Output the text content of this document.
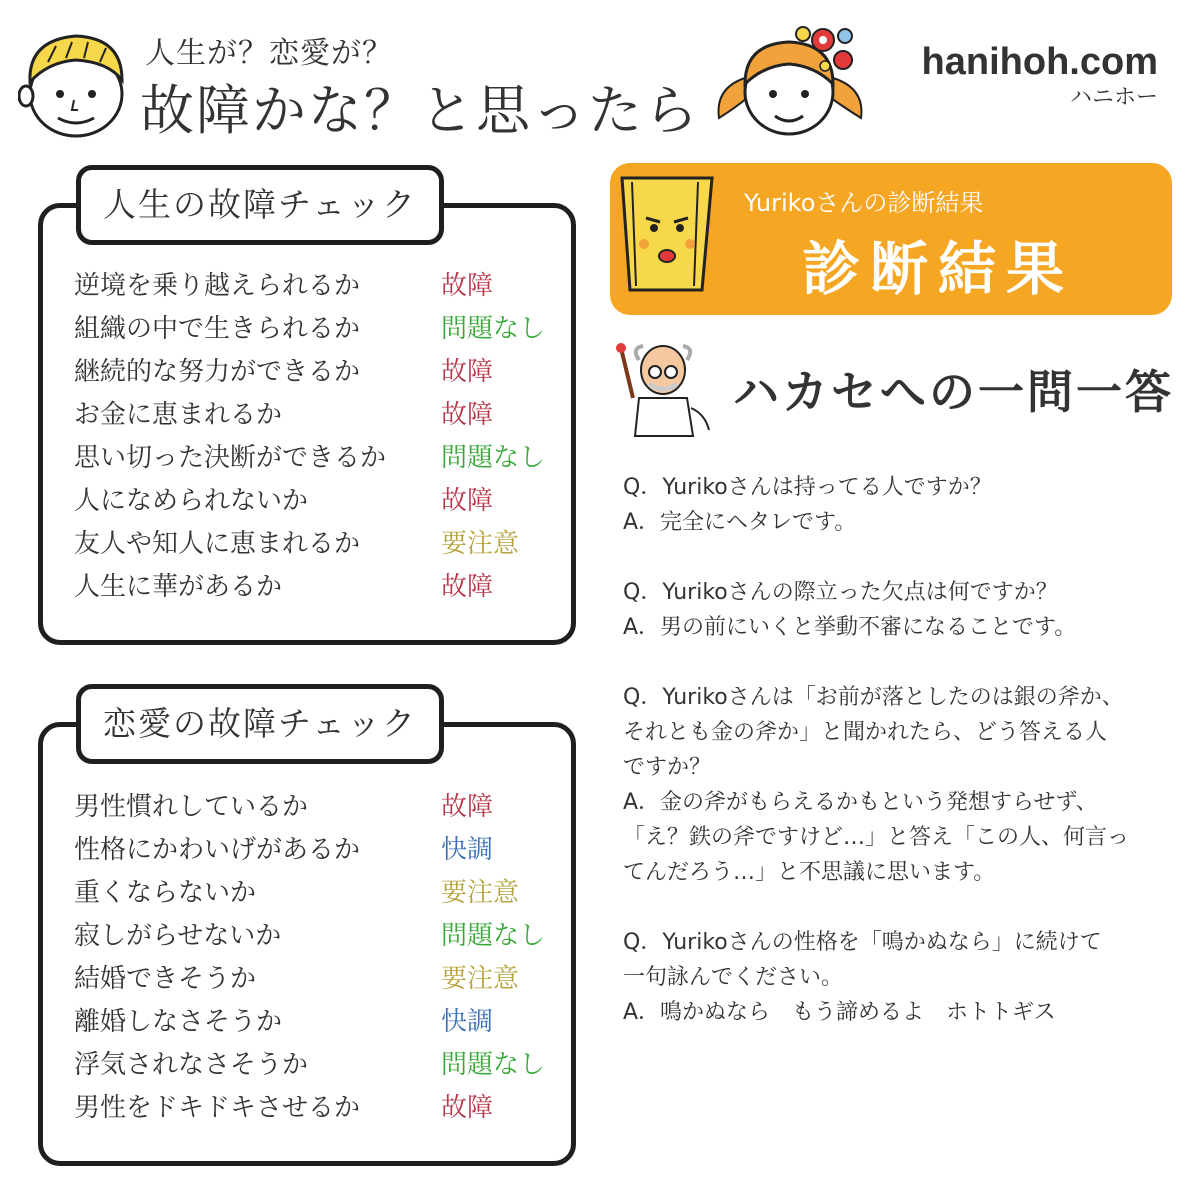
人生が？恋愛が？
故障かな？と思ったら
hanihoh.com
ハニホー
人生の故障チェック
逆境を乗り越えられるか	故障
組織の中で生きられるか	問題なし
継続的な努力ができるか	故障
お金に恵まれるか	故障
思い切った決断ができるか 問題なし
人になめられないか	故障
友人や知人に恵まれるか	要注意
人生に華があるか	故障
恋愛の故障チェック
男性慣れしているか	故障
性格にかわいげがあるか	快調
重くならないか	要注意
寂しがらせないか	問題なし
結婚できそうか	要注意
離婚しなさそうか	快調
浮気されなさそうか	問題なし
男性をドキドキさせるか	故障
Yurikoさんの診断結果
診断結果
ハカセへの一問一答
Q．Yurikoさんは持ってる人ですか？
A．完全にヘタレです。
Q．Yurikoさんの際立った欠点は何ですか？
A．男の前にいくと挙動不審になることです。
Q．Yurikoさんは「お前が落としたのは銀の斧か、
それとも金の斧か」と聞かれたら、どう答える人
ですか？
A．金の斧がもらえるかもという発想すらせず、
「え？鉄の斧ですけど…」と答え「この人、何言っ
てんだろう…」と不思議に思います。
Q．Yurikoさんの性格を「鳴かぬなら」に続けて
一句詠んでください。
A．鳴かぬなら　もう諦めるよ　ホトトギス
